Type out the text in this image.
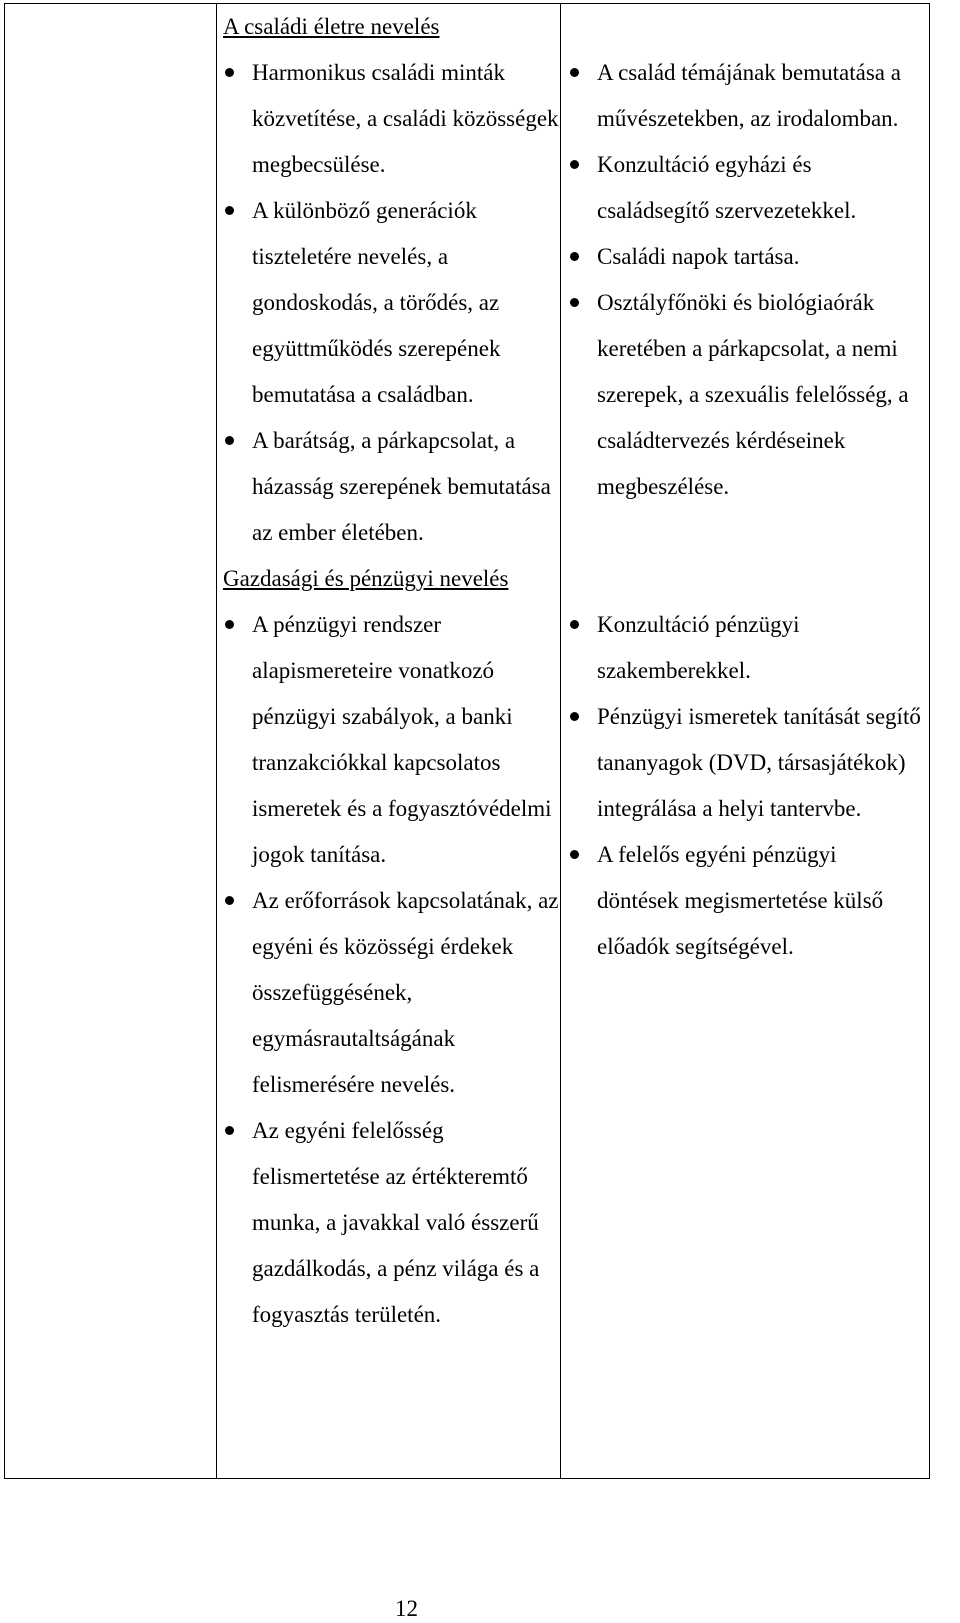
A családi életre nevelés

Harmonikus családi minták közvetítése, a családi közösségek megbecsülése.
A különböző generációk tiszteletére nevelés, a gondoskodás, a törődés, az együttműködés szerepének bemutatása a családban.
A barátság, a párkapcsolat, a házasság szerepének bemutatása az ember életében.

Gazdasági és pénzügyi nevelés

A pénzügyi rendszer alapismereteire vonatkozó pénzügyi szabályok, a banki tranzakciókkal kapcsolatos ismeretek és a fogyasztóvédelmi jogok tanítása.
Az erőforrások kapcsolatának, az egyéni és közösségi érdekek összefüggésének, egymásrautaltságának felismerésére nevelés.
Az egyéni felelősség felismertetése az értékteremtő munka, a javakkal való ésszerű gazdálkodás, a pénz világa és a fogyasztás területén.
A család témájának bemutatása a művészetekben, az irodalomban.
Konzultáció egyházi és családsegítő szervezetekkel.
Családi napok tartása.
Osztályfőnöki és biológiaórák keretében a párkapcsolat, a nemi szerepek, a szexuális felelősség, a családtervezés kérdéseinek megbeszélése.
Konzultáció pénzügyi szakemberekkel.
Pénzügyi ismeretek tanítását segítő tananyagok (DVD, társasjátékok) integrálása a helyi tantervbe.
A felelős egyéni pénzügyi döntések megismertetése külső előadók segítségével.
12
